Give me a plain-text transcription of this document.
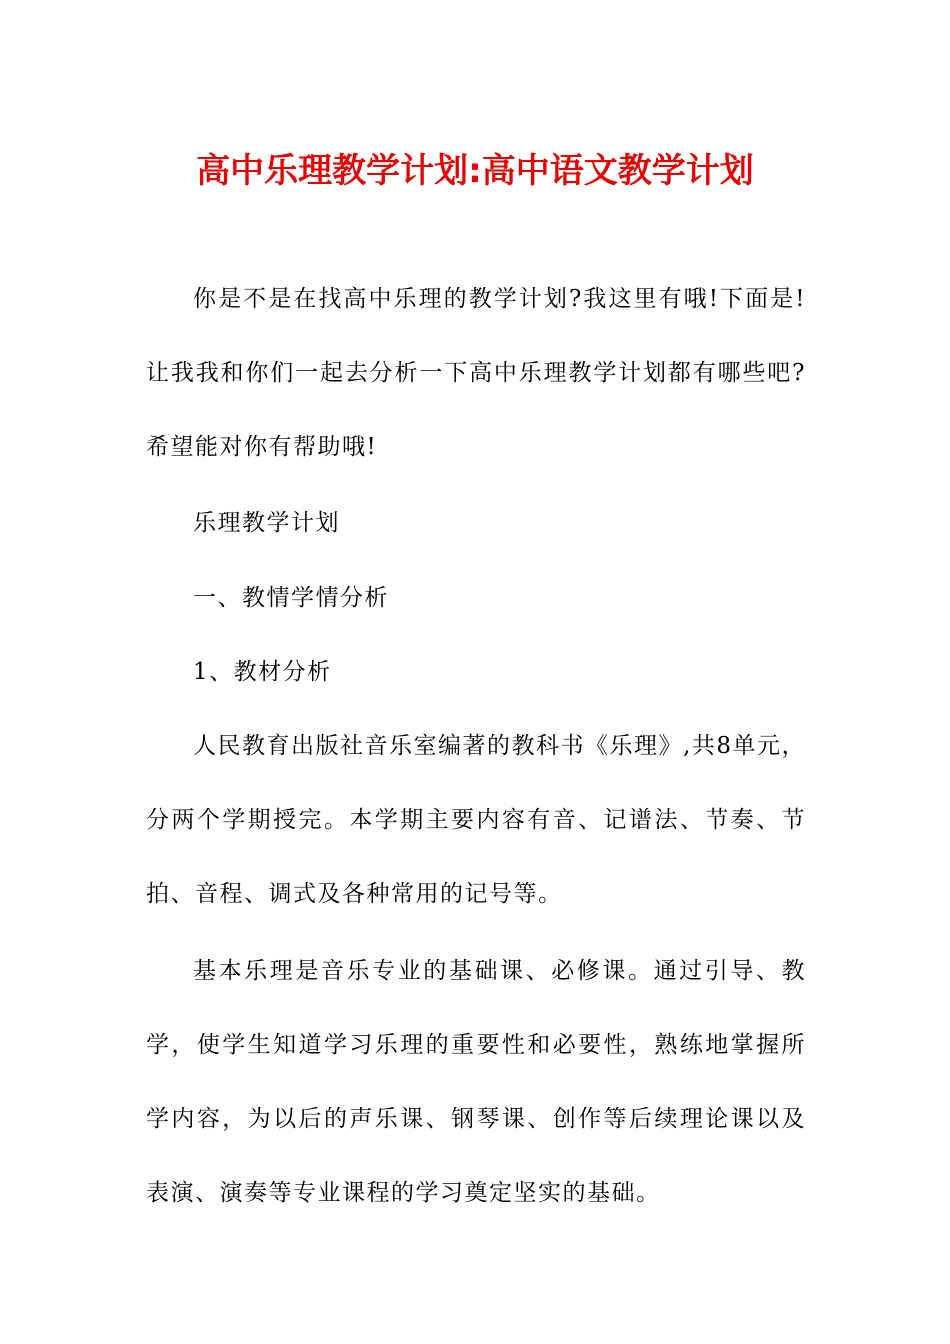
高中乐理教学计划:高中语文教学计划

你是不是在找高中乐理的教学计划?我这里有哦!下面是!让我我和你们一起去分析一下高中乐理教学计划都有哪些吧?希望能对你有帮助哦!

乐理教学计划

一、教情学情分析

1、教材分析

人民教育出版社音乐室编著的教科书《乐理》,共8单元，分两个学期授完。本学期主要内容有音、记谱法、节奏、节拍、音程、调式及各种常用的记号等。

基本乐理是音乐专业的基础课、必修课。通过引导、教学，使学生知道学习乐理的重要性和必要性，熟练地掌握所学内容，为以后的声乐课、钢琴课、创作等后续理论课以及表演、演奏等专业课程的学习奠定坚实的基础。
